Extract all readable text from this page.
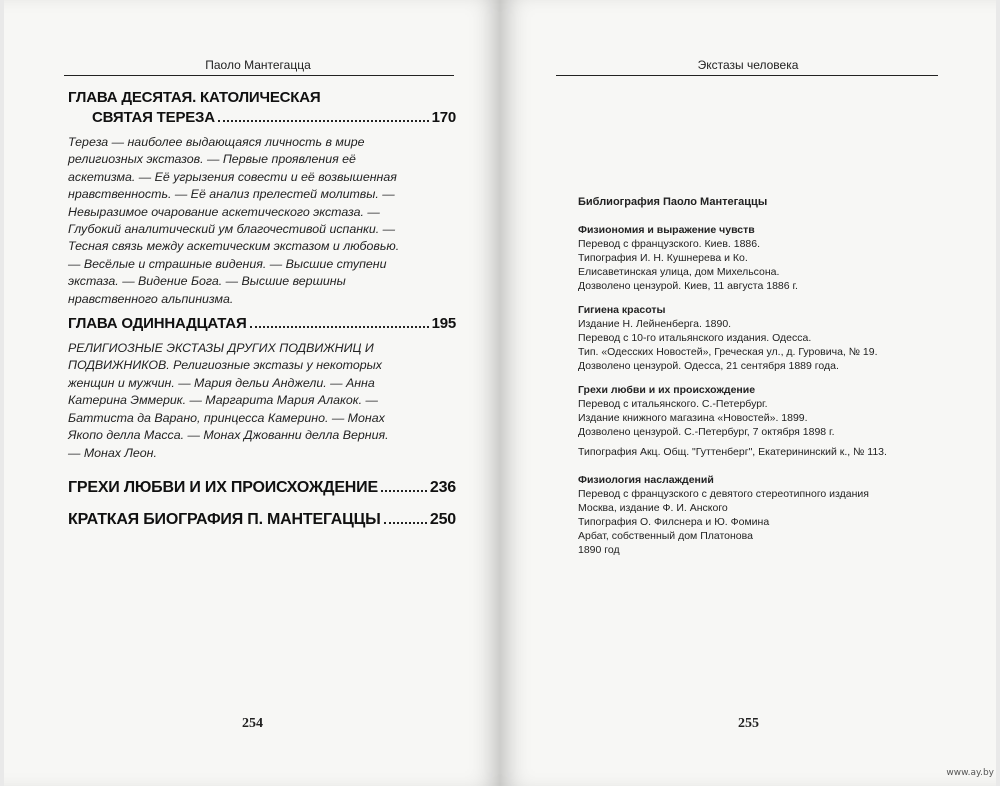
Паоло Мантегацца
ГЛАВА ДЕСЯТАЯ. КАТОЛИЧЕСКАЯ
СВЯТАЯ ТЕРЕЗА	170
Тереза — наиболее выдающаяся личность в мире
религиозных экстазов. — Первые проявления её
аскетизма. — Её угрызения совести и её возвышенная
нравственность. — Её анализ прелестей молитвы. —
Невыразимое очарование аскетического экстаза. —
Глубокий аналитический ум благочестивой испанки. —
Тесная связь между аскетическим экстазом и любовью.
— Весёлые и страшные видения. — Высшие ступени
экстаза. — Видение Бога. — Высшие вершины
нравственного альпинизма.
ГЛАВА ОДИННАДЦАТАЯ	195
РЕЛИГИОЗНЫЕ ЭКСТАЗЫ ДРУГИХ ПОДВИЖНИЦ И
ПОДВИЖНИКОВ. Религиозные экстазы у некоторых
женщин и мужчин. — Мария дельи Анджели. — Анна
Катерина Эммерик. — Маргарита Мария Алакок. —
Баттиста да Варано, принцесса Камерино. — Монах
Якопо делла Масса. — Монах Джованни делла Верния.
— Монах Леон.
ГРЕХИ ЛЮБВИ И ИХ ПРОИСХОЖДЕНИЕ	236
КРАТКАЯ БИОГРАФИЯ П. МАНТЕГАЦЦЫ	250
254
Экстазы человека
Библиография Паоло Мантегаццы
Физиономия и выражение чувств
Перевод с французского. Киев. 1886.
Типография И. Н. Кушнерева и Ко.
Елисаветинская улица, дом Михельсона.
Дозволено цензурой. Киев, 11 августа 1886 г.
Гигиена красоты
Издание Н. Лейненберга. 1890.
Перевод с 10-го итальянского издания. Одесса.
Тип. «Одесских Новостей», Греческая ул., д. Гуровича, № 19.
Дозволено цензурой. Одесса, 21 сентября 1889 года.
Грехи любви и их происхождение
Перевод с итальянского. С.-Петербург.
Издание книжного магазина «Новостей». 1899.
Дозволено цензурой. С.-Петербург, 7 октября 1898 г.
Типография Акц. Общ. "Гуттенберг", Екатерининский к., № 113.
Физиология наслаждений
Перевод с французского с девятого стереотипного издания
Москва, издание Ф. И. Анского
Типография О. Филснера и Ю. Фомина
Арбат, собственный дом Платонова
1890 год
255
www.ay.by
